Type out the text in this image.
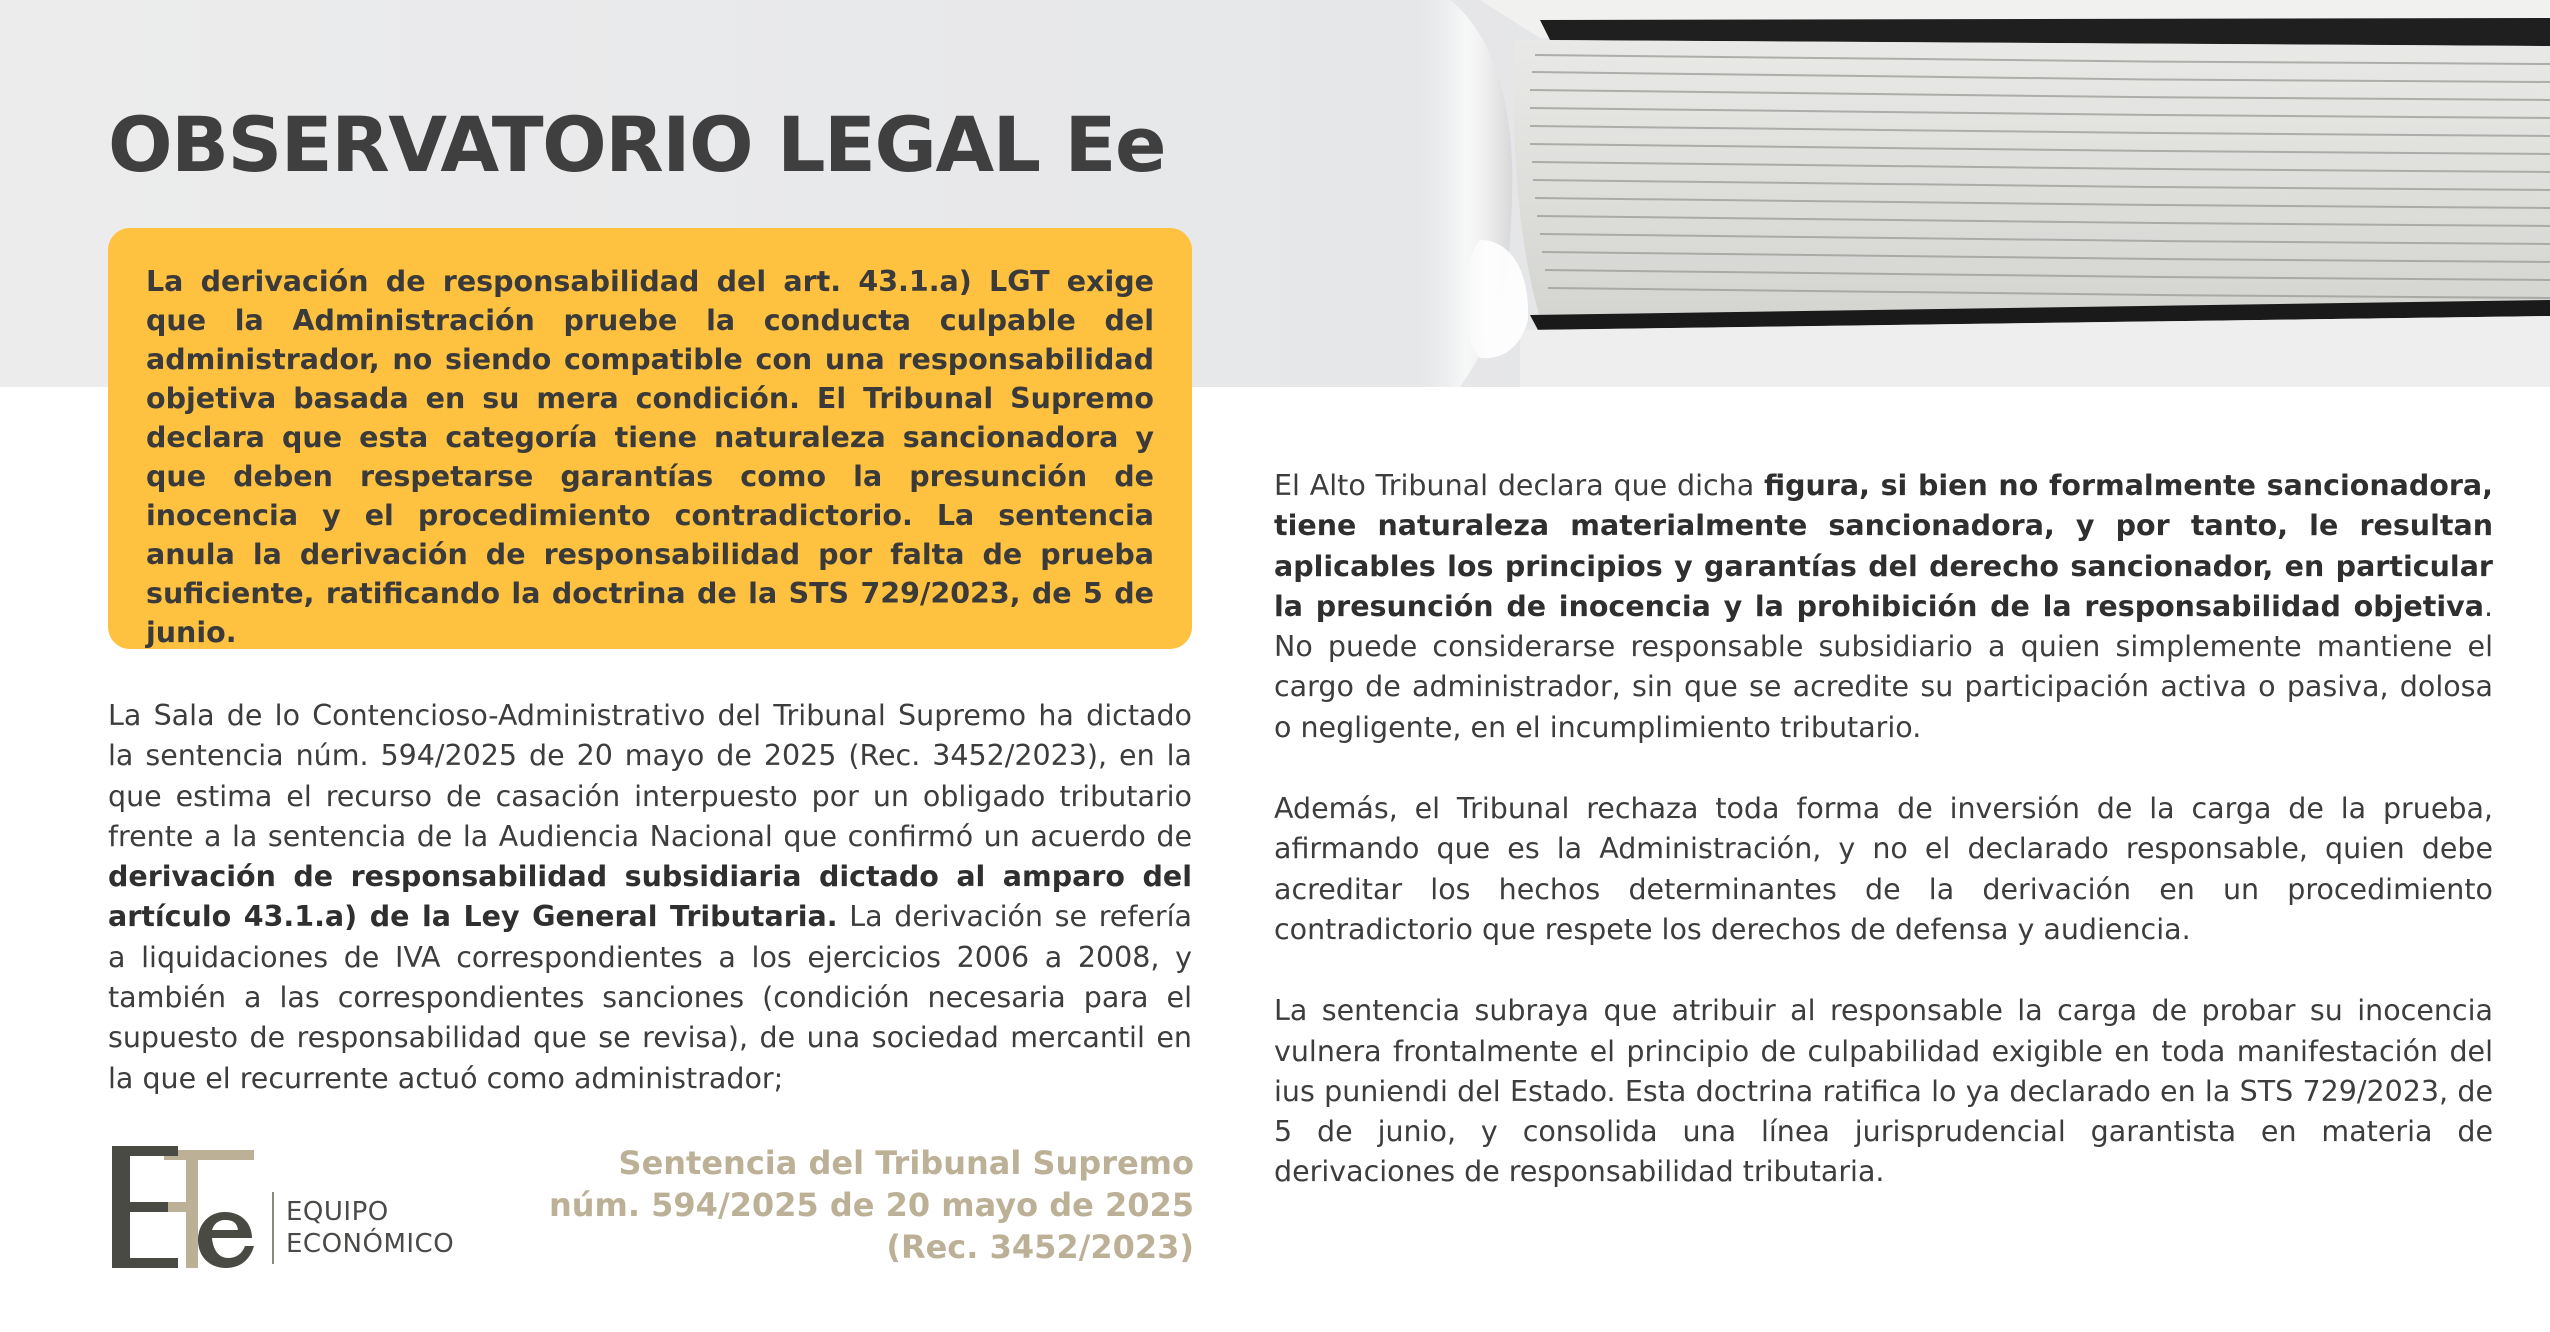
OBSERVATORIO LEGAL Ee

La derivación de responsabilidad del art. 43.1.a) LGT exige que la Administración pruebe la conducta culpable del administrador, no siendo compatible con una responsabilidad objetiva basada en su mera condición. El Tribunal Supremo declara que esta categoría tiene naturaleza sancionadora y que deben respetarse garantías como la presunción de inocencia y el procedimiento contradictorio. La sentencia anula la derivación de responsabilidad por falta de prueba suficiente, ratificando la doctrina de la STS 729/2023, de 5 de junio.

La Sala de lo Contencioso-Administrativo del Tribunal Supremo ha dictado la sentencia núm. 594/2025 de 20 mayo de 2025 (Rec. 3452/2023), en la que estima el recurso de casación interpuesto por un obligado tributario frente a la sentencia de la Audiencia Nacional que confirmó un acuerdo de derivación de responsabilidad subsidiaria dictado al amparo del artículo 43.1.a) de la Ley General Tributaria. La derivación se refería a liquidaciones de IVA correspondientes a los ejercicios 2006 a 2008, y también a las correspondientes sanciones (condición necesaria para el supuesto de responsabilidad que se revisa), de una sociedad mercantil en la que el recurrente actuó como administrador;

El Alto Tribunal declara que dicha figura, si bien no formalmente sancionadora, tiene naturaleza materialmente sancionadora, y por tanto, le resultan aplicables los principios y garantías del derecho sancionador, en particular la presunción de inocencia y la prohibición de la responsabilidad objetiva. No puede considerarse responsable subsidiario a quien simplemente mantiene el cargo de administrador, sin que se acredite su participación activa o pasiva, dolosa o negligente, en el incumplimiento tributario.

Además, el Tribunal rechaza toda forma de inversión de la carga de la prueba, afirmando que es la Administración, y no el declarado responsable, quien debe acreditar los hechos determinantes de la derivación en un procedimiento contradictorio que respete los derechos de defensa y audiencia.

La sentencia subraya que atribuir al responsable la carga de probar su inocencia vulnera frontalmente el principio de culpabilidad exigible en toda manifestación del ius puniendi del Estado. Esta doctrina ratifica lo ya declarado en la STS 729/2023, de 5 de junio, y consolida una línea jurisprudencial garantista en materia de derivaciones de responsabilidad tributaria.

EQUIPO
ECONÓMICO
Sentencia del Tribunal Supremo
núm. 594/2025 de 20 mayo de 2025
(Rec. 3452/2023)
